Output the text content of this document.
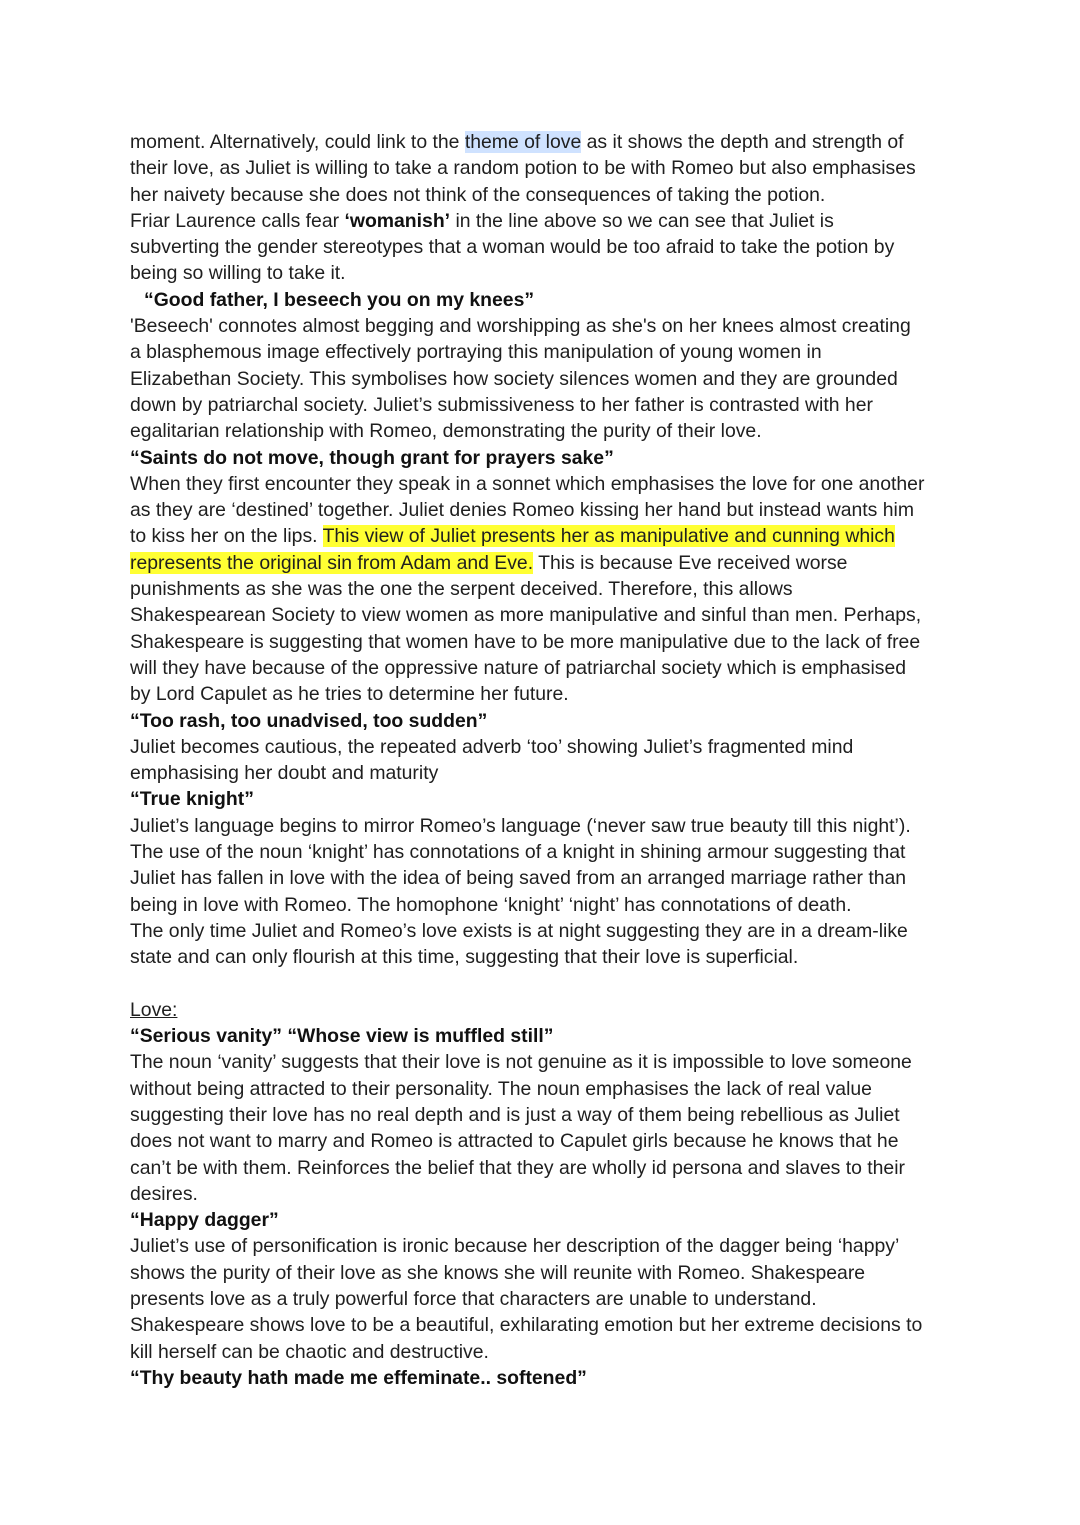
moment. Alternatively, could link to the theme of love as it shows the depth and strength of
their love, as Juliet is willing to take a random potion to be with Romeo but also emphasises
her naivety because she does not think of the consequences of taking the potion.
Friar Laurence calls fear ‘womanish’ in the line above so we can see that Juliet is
subverting the gender stereotypes that a woman would be too afraid to take the potion by
being so willing to take it.
“Good father, I beseech you on my knees”
'Beseech' connotes almost begging and worshipping as she's on her knees almost creating
a blasphemous image effectively portraying this manipulation of young women in
Elizabethan Society. This symbolises how society silences women and they are grounded
down by patriarchal society. Juliet’s submissiveness to her father is contrasted with her
egalitarian relationship with Romeo, demonstrating the purity of their love.
“Saints do not move, though grant for prayers sake”
When they first encounter they speak in a sonnet which emphasises the love for one another
as they are ‘destined’ together. Juliet denies Romeo kissing her hand but instead wants him
to kiss her on the lips. This view of Juliet presents her as manipulative and cunning which
represents the original sin from Adam and Eve. This is because Eve received worse
punishments as she was the one the serpent deceived. Therefore, this allows
Shakespearean Society to view women as more manipulative and sinful than men. Perhaps,
Shakespeare is suggesting that women have to be more manipulative due to the lack of free
will they have because of the oppressive nature of patriarchal society which is emphasised
by Lord Capulet as he tries to determine her future.
“Too rash, too unadvised, too sudden”
Juliet becomes cautious, the repeated adverb ‘too’ showing Juliet’s fragmented mind
emphasising her doubt and maturity
“True knight”
Juliet’s language begins to mirror Romeo’s language (‘never saw true beauty till this night’).
The use of the noun ‘knight’ has connotations of a knight in shining armour suggesting that
Juliet has fallen in love with the idea of being saved from an arranged marriage rather than
being in love with Romeo. The homophone ‘knight’ ‘night’ has connotations of death.
The only time Juliet and Romeo’s love exists is at night suggesting they are in a dream-like
state and can only flourish at this time, suggesting that their love is superficial.
Love:
“Serious vanity” “Whose view is muffled still”
The noun ‘vanity’ suggests that their love is not genuine as it is impossible to love someone
without being attracted to their personality. The noun emphasises the lack of real value
suggesting their love has no real depth and is just a way of them being rebellious as Juliet
does not want to marry and Romeo is attracted to Capulet girls because he knows that he
can’t be with them. Reinforces the belief that they are wholly id persona and slaves to their
desires.
“Happy dagger”
Juliet’s use of personification is ironic because her description of the dagger being ‘happy’
shows the purity of their love as she knows she will reunite with Romeo. Shakespeare
presents love as a truly powerful force that characters are unable to understand.
Shakespeare shows love to be a beautiful, exhilarating emotion but her extreme decisions to
kill herself can be chaotic and destructive.
“Thy beauty hath made me effeminate.. softened”
